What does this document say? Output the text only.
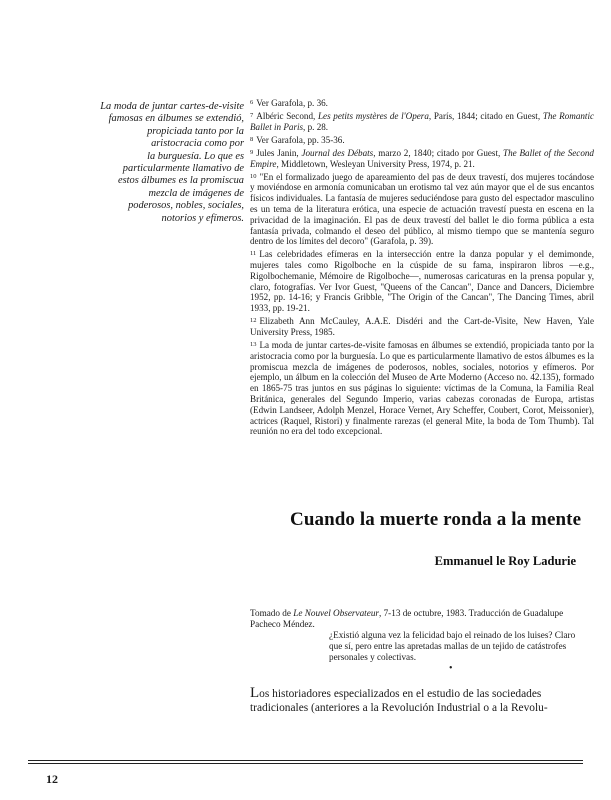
La moda de juntar cartes-de-visite
famosas en álbumes se extendió,
propiciada tanto por la
aristocracia como por
la burguesía. Lo que es
particularmente llamativo de
estos álbumes es la promiscua
mezcla de imágenes de
poderosos, nobles, sociales,
notorios y efímeros.

$^6$ Ver Garafola, p. 36.

$^7$ Albéric Second, Les petits mystères de l'Opera, París, 1844; citado en Guest, The Romantic Ballet in Paris, p. 28.

$^8$ Ver Garafola, pp. 35-36.

$^9$ Jules Janin, Journal des Débats, marzo 2, 1840; citado por Guest, The Ballet of the Second Empire, Middletown, Wesleyan University Press, 1974, p. 21.

$^{10}$ "En el formalizado juego de apareamiento del pas de deux travestí, dos mujeres tocándose y moviéndose en armonía comunicaban un erotismo tal vez aún mayor que el de sus encantos físicos individuales. La fantasía de mujeres seduciéndose para gusto del espectador masculino es un tema de la literatura erótica, una especie de actuación travestí puesta en escena en la privacidad de la imaginación. El pas de deux travestí del ballet le dio forma pública a esta fantasía privada, colmando el deseo del público, al mismo tiempo que se mantenía seguro dentro de los límites del decoro" (Garafola, p. 39).

$^{11}$ Las celebridades efímeras en la intersección entre la danza popular y el demimonde, mujeres tales como Rigolboche en la cúspide de su fama, inspiraron libros —e.g., Rigolbochemanie, Mémoire de Rigolboche—, numerosas caricaturas en la prensa popular y, claro, fotografías. Ver Ivor Guest, "Queens of the Cancan", Dance and Dancers, Diciembre 1952, pp. 14-16; y Francis Gribble, "The Origin of the Cancan", The Dancing Times, abril 1933, pp. 19-21.

$^{12}$ Elizabeth Ann McCauley, A.A.E. Disdéri and the Cart-de-Visite, New Haven, Yale University Press, 1985.

$^{13}$ La moda de juntar cartes-de-visite famosas en álbumes se extendió, propiciada tanto por la aristocracia como por la burguesía. Lo que es particularmente llamativo de estos álbumes es la promiscua mezcla de imágenes de poderosos, nobles, sociales, notorios y efímeros. Por ejemplo, un álbum en la colección del Museo de Arte Moderno (Acceso no. 42.135), formado en 1865-75 tras juntos en sus páginas lo siguiente: víctimas de la Comuna, la Familia Real Británica, generales del Segundo Imperio, varias cabezas coronadas de Europa, artistas (Edwin Landseer, Adolph Menzel, Horace Vernet, Ary Scheffer, Coubert, Corot, Meissonier), actrices (Raquel, Ristori) y finalmente rarezas (el general Mite, la boda de Tom Thumb). Tal reunión no era del todo excepcional.

Cuando la muerte ronda a la mente
Emmanuel le Roy Ladurie
Tomado de Le Nouvel Observateur, 7-13 de octubre, 1983. Traducción de Guadalupe Pacheco Méndez.
¿Existió alguna vez la felicidad bajo el reinado de los luises? Claro que sí, pero entre las apretadas mallas de un tejido de catástrofes personales y colectivas.
•
Los historiadores especializados en el estudio de las sociedades
tradicionales (anteriores a la Revolución Industrial o a la Revolu-
12
